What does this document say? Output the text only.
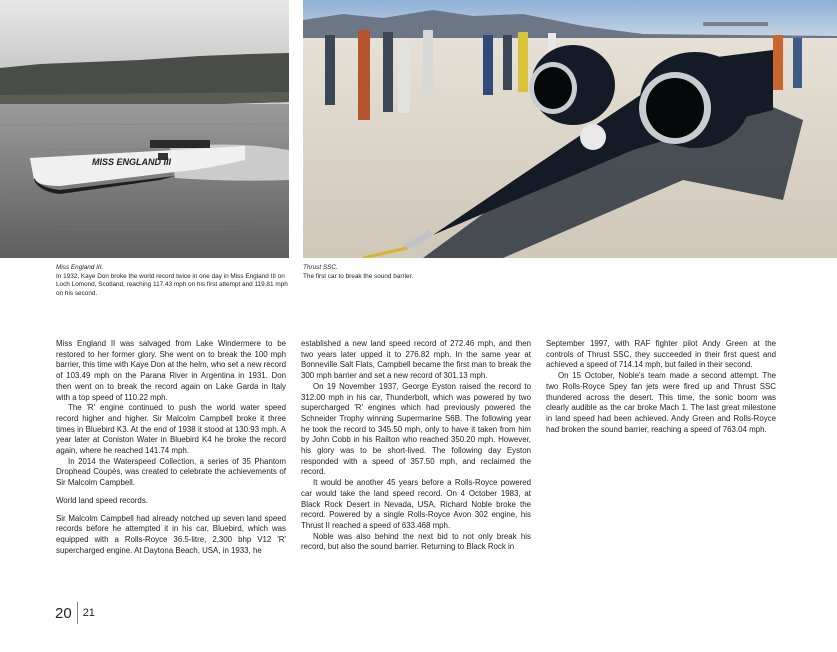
MISS ENGLAND III
Miss England III.
In 1932, Kaye Don broke the world record twice in one day in Miss England III on Loch Lomond, Scotland, reaching 117.43 mph on his first attempt and 119.81 mph on his second.
Thrust SSC.
The first car to break the sound barrier.

Miss England II was salvaged from Lake Windermere to be restored to her former glory. She went on to break the 100 mph barrier, this time with Kaye Don at the helm, who set a new record of 103.49 mph on the Parana River in Argentina in 1931. Don then went on to break the record again on Lake Garda in Italy with a top speed of 110.22 mph.

The 'R' engine continued to push the world water speed record higher and higher. Sir Malcolm Campbell broke it three times in Bluebird K3. At the end of 1938 it stood at 130.93 mph. A year later at Coniston Water in Bluebird K4 he broke the record again, where he reached 141.74 mph.

In 2014 the Waterspeed Collection, a series of 35 Phantom Drophead Coupés, was created to celebrate the achievements of Sir Malcolm Campbell.

World land speed records.

Sir Malcolm Campbell had already notched up seven land speed records before he attempted it in his car, Bluebird, which was equipped with a Rolls-Royce 36.5-litre, 2,300 bhp V12 'R' supercharged engine. At Daytona Beach, USA, in 1933, he

established a new land speed record of 272.46 mph, and then two years later upped it to 276.82 mph. In the same year at Bonneville Salt Flats, Campbell became the first man to break the 300 mph barrier and set a new record of 301.13 mph.

On 19 November 1937, George Eyston raised the record to 312.00 mph in his car, Thunderbolt, which was powered by two supercharged 'R' engines which had previously powered the Schneider Trophy winning Supermarine S6B. The following year he took the record to 345.50 mph, only to have it taken from him by John Cobb in his Railton who reached 350.20 mph. However, his glory was to be short-lived. The following day Eyston responded with a speed of 357.50 mph, and reclaimed the record.

It would be another 45 years before a Rolls-Royce powered car would take the land speed record. On 4 October 1983, at Black Rock Desert in Nevada, USA, Richard Noble broke the record. Powered by a single Rolls-Royce Avon 302 engine, his Thrust II reached a speed of 633.468 mph.

Noble was also behind the next bid to not only break his record, but also the sound barrier. Returning to Black Rock in

September 1997, with RAF fighter pilot Andy Green at the controls of Thrust SSC, they succeeded in their first quest and achieved a speed of 714.14 mph, but failed in their second.

On 15 October, Noble's team made a second attempt. The two Rolls-Royce Spey fan jets were fired up and Thrust SSC thundered across the desert. This time, the sonic boom was clearly audible as the car broke Mach 1. The last great milestone in land speed had been achieved. Andy Green and Rolls-Royce had broken the sound barrier, reaching a speed of 763.04 mph.

20	21
